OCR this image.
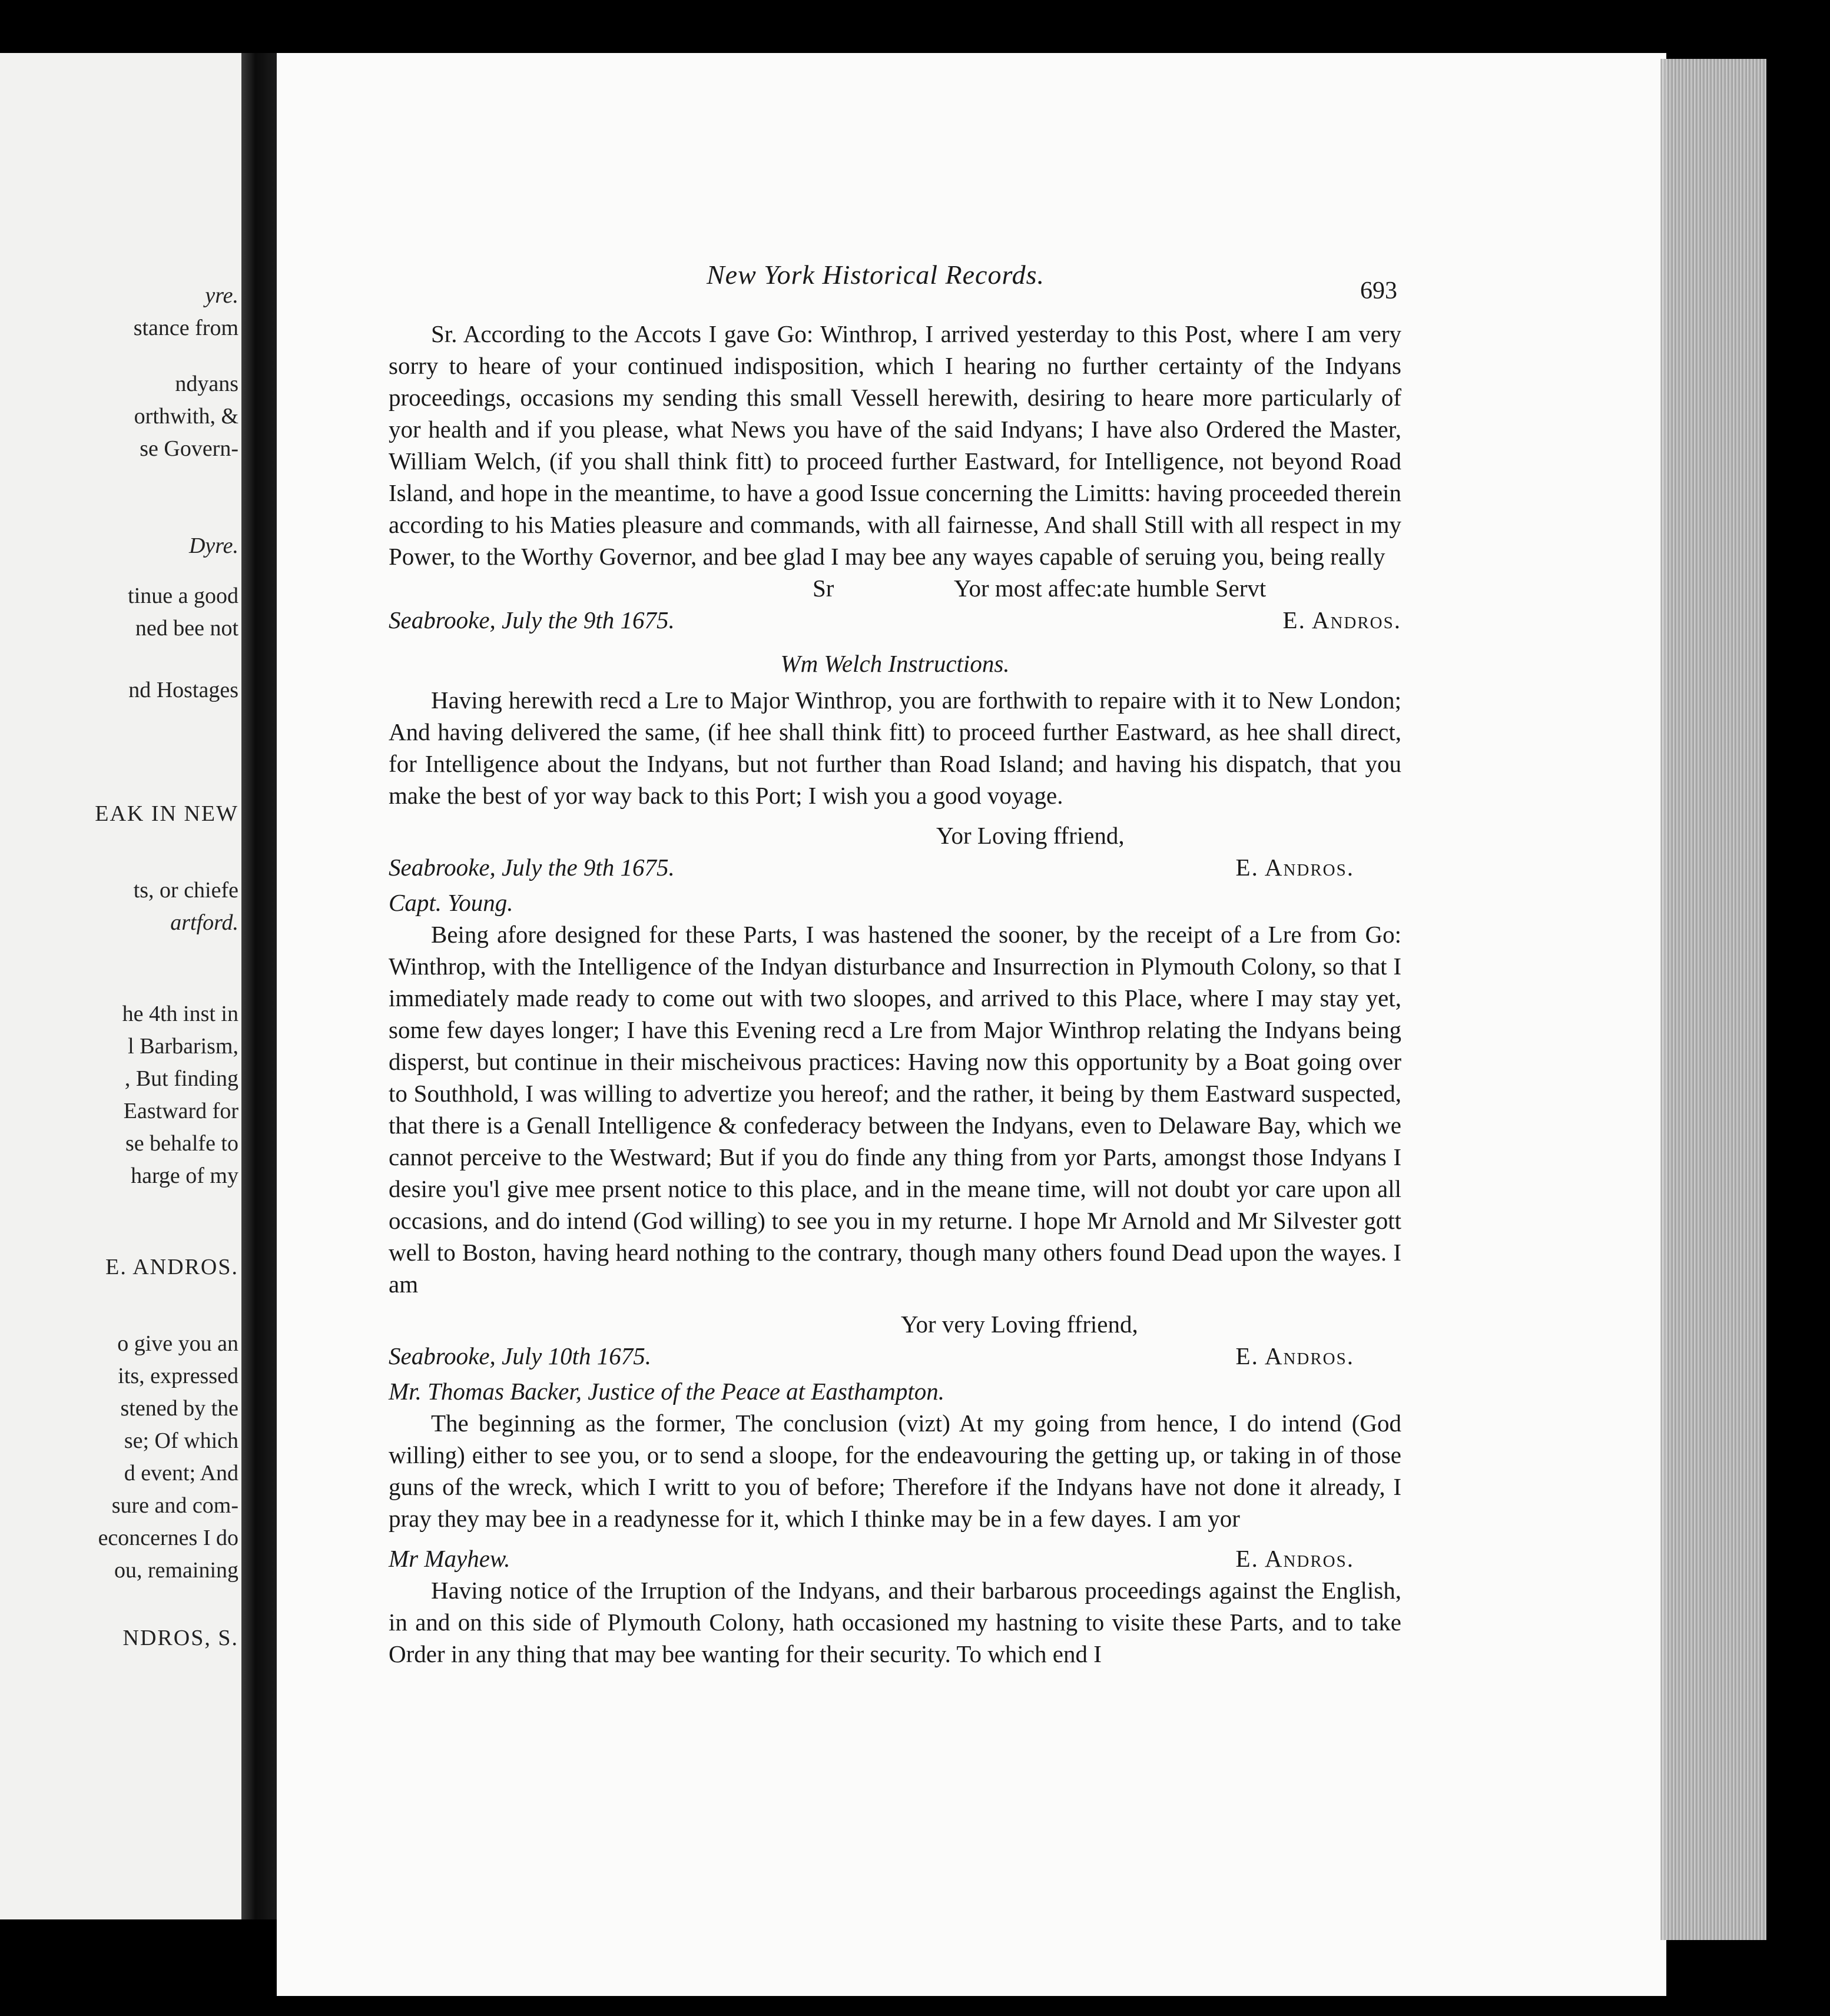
yre.
stance from
ndyans
orthwith, &
se Govern-
Dyre.
tinue a good
ned bee not
nd Hostages
EAK IN NEW
ts, or chiefe
artford.
he 4th inst in
l Barbarism,
, But finding
Eastward for
se behalfe to
harge of my
E. ANDROS.
o give you an
its, expressed
stened by the
se; Of which
d event; And
sure and com-
econcernes I do
ou, remaining
NDROS, S.
New York Historical Records.
693

Sr. According to the Accots I gave Go: Winthrop, I arrived yesterday to this Post, where I am very sorry to heare of your continued indisposition, which I hearing no further certainty of the Indyans proceedings, occasions my sending this small Vessell herewith, desiring to heare more particularly of yor health and if you please, what News you have of the said Indyans; I have also Ordered the Master, William Welch, (if you shall think fitt) to proceed further Eastward, for Intelligence, not beyond Road Island, and hope in the meantime, to have a good Issue concerning the Limitts: having proceeded therein according to his Maties pleasure and commands, with all fairnesse, And shall Still with all respect in my Power, to the Worthy Governor, and bee glad I may bee any wayes capable of seruing you, being really

Sr	Yor most affec:ate humble Servt
Seabrooke, July the 9th 1675.	E. Andros.
Wm Welch Instructions.

Having herewith recd a Lre to Major Winthrop, you are forthwith to repaire with it to New London; And having delivered the same, (if hee shall think fitt) to proceed further Eastward, as hee shall direct, for Intelligence about the Indyans, but not further than Road Island; and having his dispatch, that you make the best of yor way back to this Port; I wish you a good voyage.

Yor Loving ffriend,
Seabrooke, July the 9th 1675.	E. Andros.
Capt. Young.

Being afore designed for these Parts, I was hastened the sooner, by the receipt of a Lre from Go: Winthrop, with the Intelligence of the Indyan disturbance and Insurrection in Plymouth Colony, so that I immediately made ready to come out with two sloopes, and arrived to this Place, where I may stay yet, some few dayes longer; I have this Evening recd a Lre from Major Winthrop relating the Indyans being disperst, but continue in their mischeivous practices: Having now this opportunity by a Boat going over to Southhold, I was willing to advertize you hereof; and the rather, it being by them Eastward suspected, that there is a Genall Intelligence & confederacy between the Indyans, even to Delaware Bay, which we cannot perceive to the Westward; But if you do finde any thing from yor Parts, amongst those Indyans I desire you'l give mee prsent notice to this place, and in the meane time, will not doubt yor care upon all occasions, and do intend (God willing) to see you in my returne. I hope Mr Arnold and Mr Silvester gott well to Boston, having heard nothing to the contrary, though many others found Dead upon the wayes. I am

Yor very Loving ffriend,
Seabrooke, July 10th 1675.	E. Andros.
Mr. Thomas Backer, Justice of the Peace at Easthampton.

The beginning as the former, The conclusion (vizt) At my going from hence, I do intend (God willing) either to see you, or to send a sloope, for the endeavouring the getting up, or taking in of those guns of the wreck, which I writt to you of before; Therefore if the Indyans have not done it already, I pray they may bee in a readynesse for it, which I thinke may be in a few dayes. I am yor

Mr Mayhew.	E. Andros.

Having notice of the Irruption of the Indyans, and their barbarous proceedings against the English, in and on this side of Plymouth Colony, hath occasioned my hastning to visite these Parts, and to take Order in any thing that may bee wanting for their security. To which end I
